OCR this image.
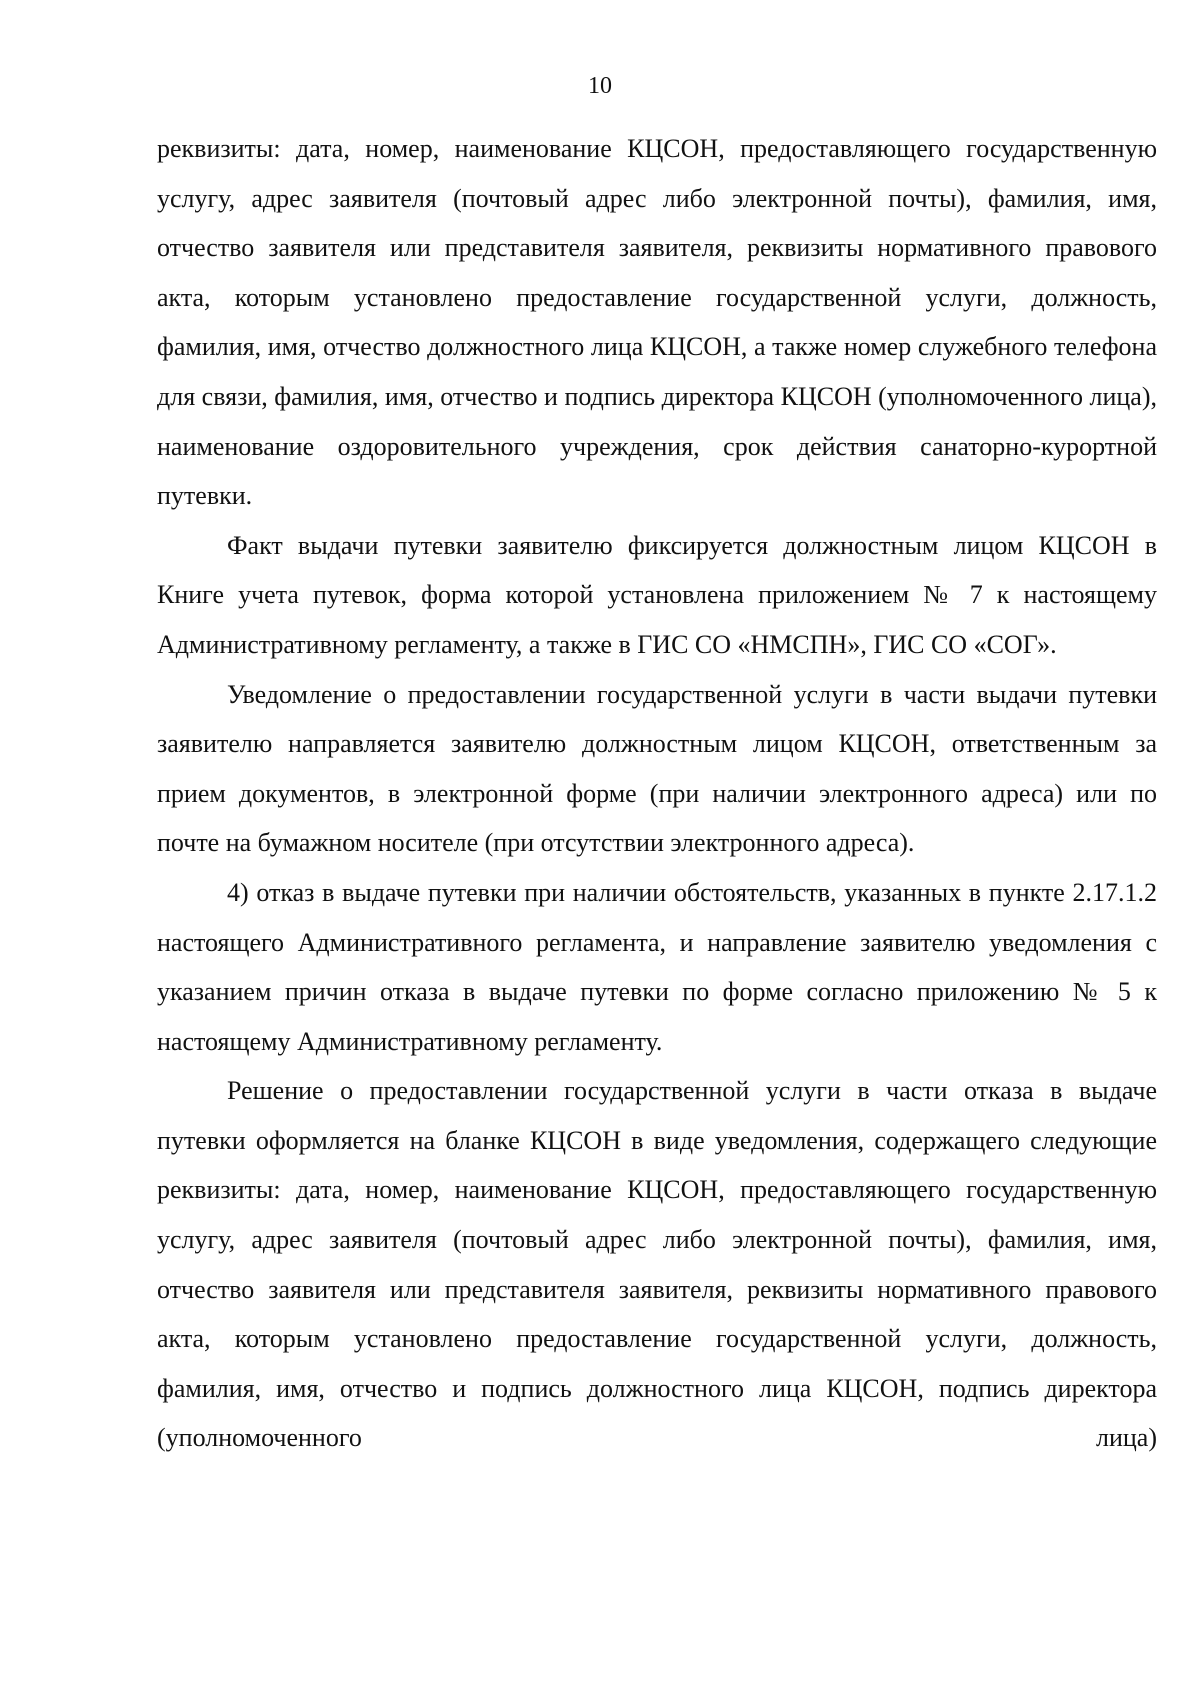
10

реквизиты: дата, номер, наименование КЦСОН, предоставляющего государственную услугу, адрес заявителя (почтовый адрес либо электронной почты), фамилия, имя, отчество заявителя или представителя заявителя, реквизиты нормативного правового акта, которым установлено предоставление государственной услуги, должность, фамилия, имя, отчество должностного лица КЦСОН, а также номер служебного телефона для связи, фамилия, имя, отчество и подпись директора КЦСОН (уполномоченного лица), наименование оздоровительного учреждения, срок действия санаторно-курортной путевки.

Факт выдачи путевки заявителю фиксируется должностным лицом КЦСОН в Книге учета путевок, форма которой установлена приложением № 7 к настоящему Административному регламенту, а также в ГИС СО «НМСПН», ГИС СО «СОГ».

Уведомление о предоставлении государственной услуги в части выдачи путевки заявителю направляется заявителю должностным лицом КЦСОН, ответственным за прием документов, в электронной форме (при наличии электронного адреса) или по почте на бумажном носителе (при отсутствии электронного адреса).

4) отказ в выдаче путевки при наличии обстоятельств, указанных в пункте 2.17.1.2 настоящего Административного регламента, и направление заявителю уведомления с указанием причин отказа в выдаче путевки по форме согласно приложению № 5 к настоящему Административному регламенту.

Решение о предоставлении государственной услуги в части отказа в выдаче путевки оформляется на бланке КЦСОН в виде уведомления, содержащего следующие реквизиты: дата, номер, наименование КЦСОН, предоставляющего государственную услугу, адрес заявителя (почтовый адрес либо электронной почты), фамилия, имя, отчество заявителя или представителя заявителя, реквизиты нормативного правового акта, которым установлено предоставление государственной услуги, должность, фамилия, имя, отчество и подпись должностного лица КЦСОН, подпись директора (уполномоченного лица)
